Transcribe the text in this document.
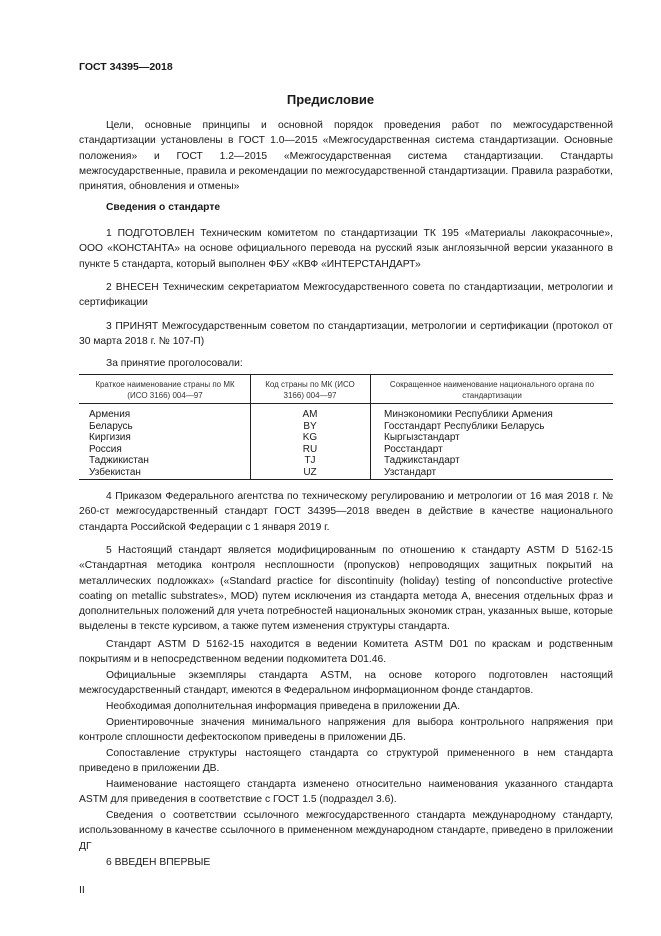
ГОСТ 34395—2018
Предисловие

Цели, основные принципы и основной порядок проведения работ по межгосударственной стандартизации установлены в ГОСТ 1.0—2015 «Межгосударственная система стандартизации. Основные положения» и ГОСТ 1.2—2015 «Межгосударственная система стандартизации. Стандарты межгосударственные, правила и рекомендации по межгосударственной стандартизации. Правила разработки, принятия, обновления и отмены»

Сведения о стандарте

1 ПОДГОТОВЛЕН Техническим комитетом по стандартизации ТК 195 «Материалы лакокрасочные», ООО «КОНСТАНТА» на основе официального перевода на русский язык англоязычной версии указанного в пункте 5 стандарта, который выполнен ФБУ «КВФ «ИНТЕРСТАНДАРТ»

2 ВНЕСЕН Техническим секретариатом Межгосударственного совета по стандартизации, метрологии и сертификации

3 ПРИНЯТ Межгосударственным советом по стандартизации, метрологии и сертификации (протокол от 30 марта 2018 г. № 107-П)

За принятие проголосовали:
Краткое наименование страны по МК (ИСО 3166) 004—97
Код страны по МК (ИСО 3166) 004—97
Сокращенное наименование национального органа по стандартизации
Армения
Беларусь
Киргизия
Россия
Таджикистан
Узбекистан
AM
BY
KG
RU
TJ
UZ
Минэкономики Республики Армения
Госстандарт Республики Беларусь
Кыргызстандарт
Росстандарт
Таджикстандарт
Узстандарт

4 Приказом Федерального агентства по техническому регулированию и метрологии от 16 мая 2018 г. № 260-ст межгосударственный стандарт ГОСТ 34395—2018 введен в действие в качестве национального стандарта Российской Федерации с 1 января 2019 г.

5 Настоящий стандарт является модифицированным по отношению к стандарту ASTM D 5162-15 «Стандартная методика контроля несплошности (пропусков) непроводящих защитных покрытий на металлических подложках» («Standard practice for discontinuity (holiday) testing of nonconductive protective coating on metallic substrates», MOD) путем исключения из стандарта метода А, внесения отдельных фраз и дополнительных положений для учета потребностей национальных экономик стран, указанных выше, которые выделены в тексте курсивом, а также путем изменения структуры стандарта.

Стандарт ASTM D 5162-15 находится в ведении Комитета ASTM D01 по краскам и родственным покрытиям и в непосредственном ведении подкомитета D01.46.

Официальные экземпляры стандарта ASTM, на основе которого подготовлен настоящий межгосударственный стандарт, имеются в Федеральном информационном фонде стандартов.

Необходимая дополнительная информация приведена в приложении ДА.

Ориентировочные значения минимального напряжения для выбора контрольного напряжения при контроле сплошности дефектоскопом приведены в приложении ДБ.

Сопоставление структуры настоящего стандарта со структурой примененного в нем стандарта приведено в приложении ДВ.

Наименование настоящего стандарта изменено относительно наименования указанного стандарта ASTM для приведения в соответствие с ГОСТ 1.5 (подраздел 3.6).

Сведения о соответствии ссылочного межгосударственного стандарта международному стандарту, использованному в качестве ссылочного в примененном международном стандарте, приведено в приложении ДГ

6 ВВЕДЕН ВПЕРВЫЕ

II
